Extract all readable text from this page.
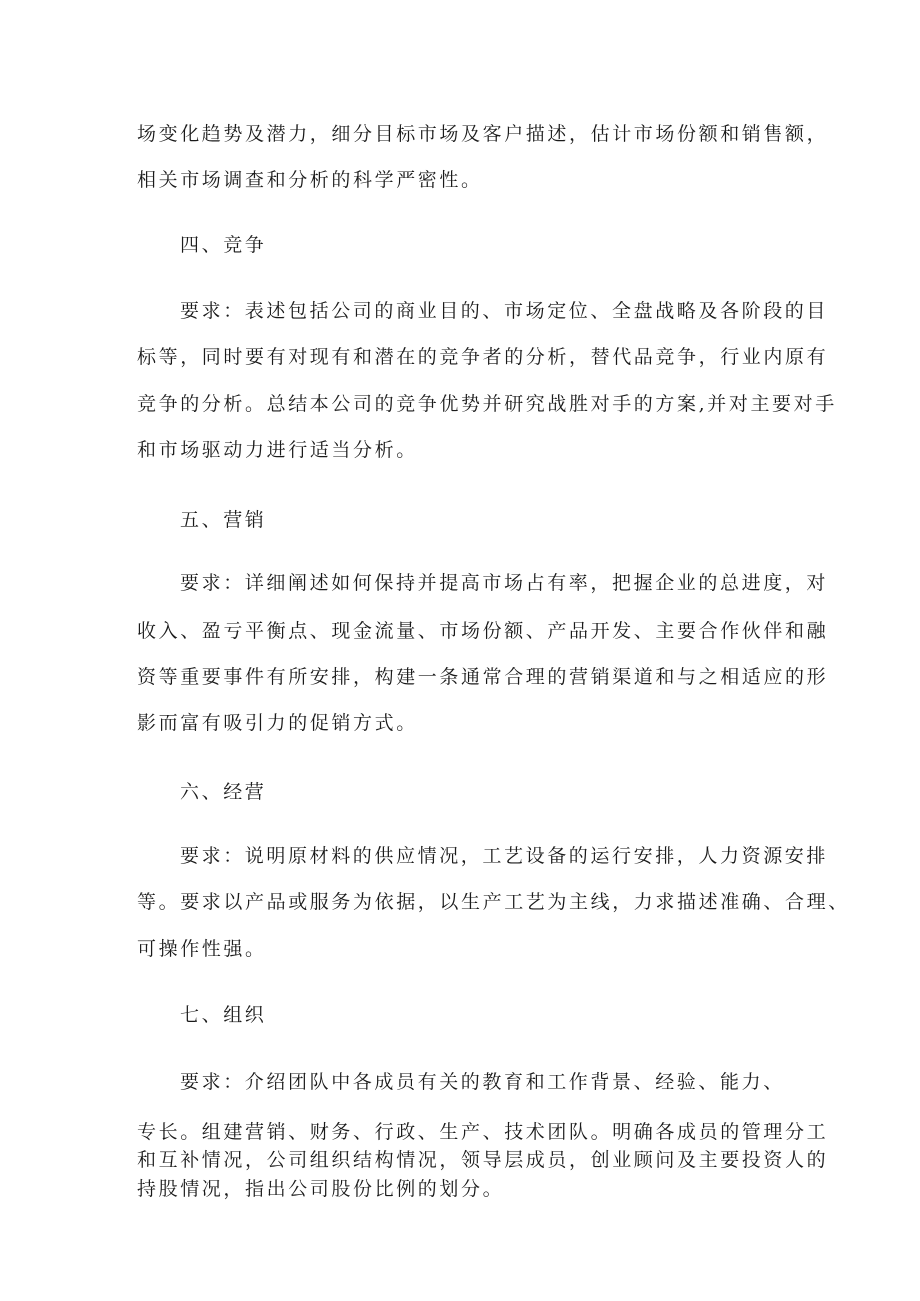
场变化趋势及潜力，细分目标市场及客户描述，估计市场份额和销售额，
相关市场调查和分析的科学严密性。
四、竞争
要求：表述包括公司的商业目的、市场定位、全盘战略及各阶段的目
标等，同时要有对现有和潜在的竞争者的分析，替代品竞争，行业内原有
竞争的分析。总结本公司的竞争优势并研究战胜对手的方案,并对主要对手
和市场驱动力进行适当分析。
五、营销
要求：详细阐述如何保持并提高市场占有率，把握企业的总进度，对
收入、盈亏平衡点、现金流量、市场份额、产品开发、主要合作伙伴和融
资等重要事件有所安排，构建一条通常合理的营销渠道和与之相适应的形
影而富有吸引力的促销方式。
六、经营
要求：说明原材料的供应情况，工艺设备的运行安排，人力资源安排
等。要求以产品或服务为依据，以生产工艺为主线，力求描述准确、合理、
可操作性强。
七、组织
要求：介绍团队中各成员有关的教育和工作背景、经验、能力、
专长。组建营销、财务、行政、生产、技术团队。明确各成员的管理分工
和互补情况，公司组织结构情况，领导层成员，创业顾问及主要投资人的
持股情况，指出公司股份比例的划分。
